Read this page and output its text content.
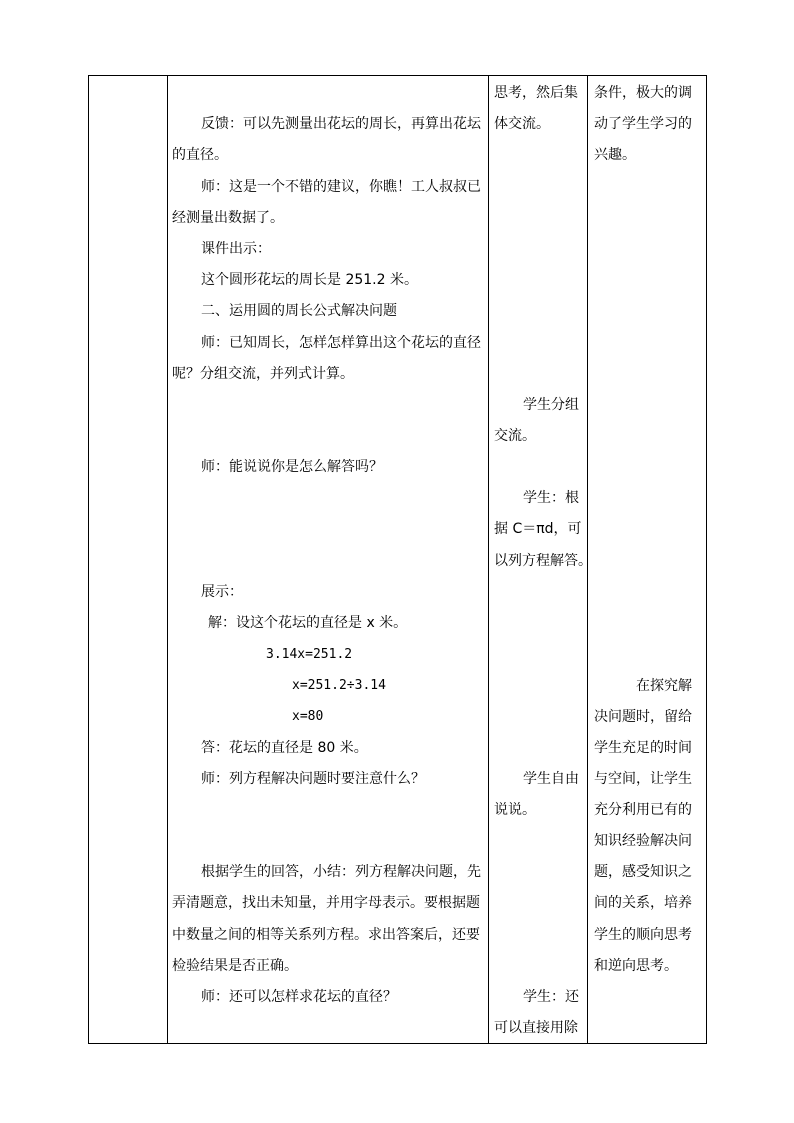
反馈：可以先测量出花坛的周长，再算出花坛
的直径。
师：这是一个不错的建议，你瞧！工人叔叔已
经测量出数据了。
课件出示：
这个圆形花坛的周长是 251.2 米。
二、运用圆的周长公式解决问题
师：已知周长，怎样怎样算出这个花坛的直径
呢？分组交流，并列式计算。
师：能说说你是怎么解答吗？
展示：
解：设这个花坛的直径是 x 米。
3.14x=251.2
x=251.2÷3.14
x=80
答：花坛的直径是 80 米。
师：列方程解决问题时要注意什么？
根据学生的回答，小结：列方程解决问题，先
弄清题意，找出未知量，并用字母表示。要根据题
中数量之间的相等关系列方程。求出答案后，还要
检验结果是否正确。
师：还可以怎样求花坛的直径？
思考，然后集
体交流。
学生分组
交流。
学生：根
据 C＝πd，可
以列方程解答。
学生自由
说说。
学生：还
可以直接用除
条件，极大的调
动了学生学习的
兴趣。
在探究解
决问题时，留给
学生充足的时间
与空间，让学生
充分利用已有的
知识经验解决问
题，感受知识之
间的关系，培养
学生的顺向思考
和逆向思考。
